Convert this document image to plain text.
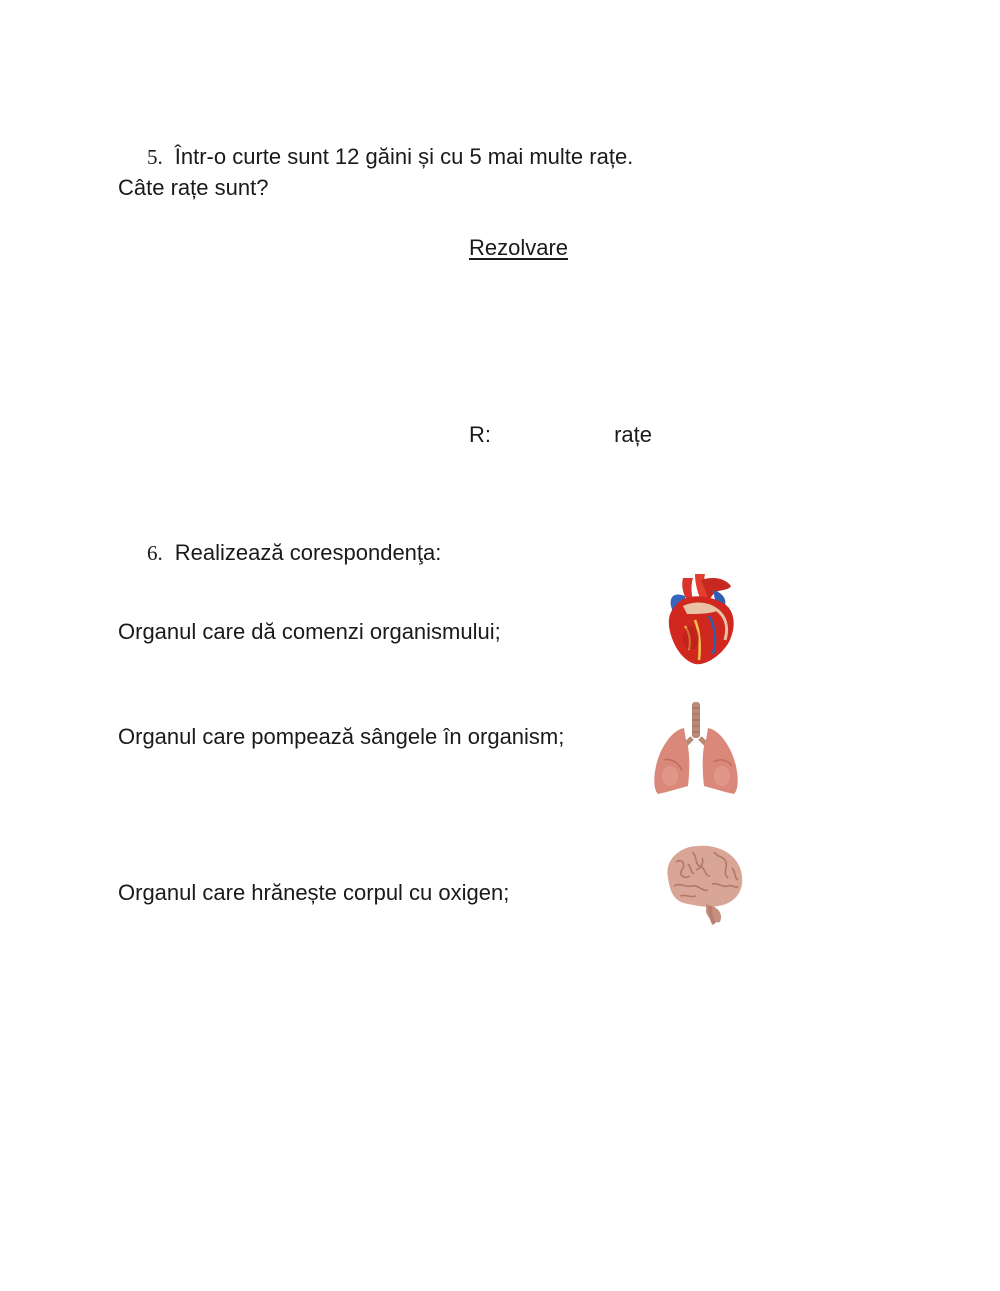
5. Într-o curte sunt 12 găini și cu 5 mai multe rațe.
Câte rațe sunt?
Rezolvare
R:	rațe
6. Realizează corespondenţa:
Organul care dă comenzi organismului;
Organul care pompează sângele în organism;
Organul care hrănește corpul cu oxigen;
